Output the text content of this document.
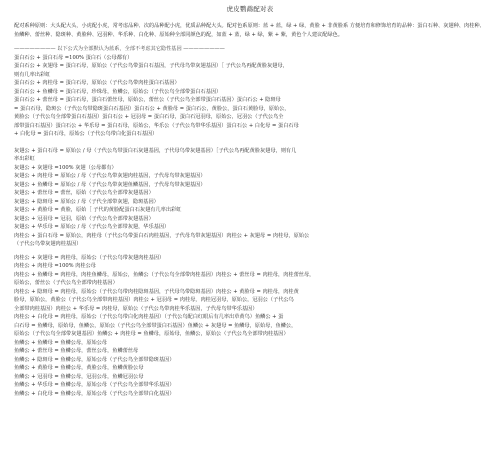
虎皮鹦鹉配对表
配对系种原则：大头配大头，小虎配小虎，常考虑品种、次的品种配小虎，优质品种配大头。配对色系原则：蓝 + 蓝，绿 + 绿，黄脸 + 非黄脸系 方便培育和修饰培育的品种：蛋白石种、灰翅种、肉桂种、鱼鳞种、蕾丝种、隐斑种、黄脸种、冠羽种、华乐种、白化种、原始种全部同颜色的配，如蓝 + 蓝，绿 + 绿，紫 + 紫，黄色个人建议配绿色。
———————— 以下公式为全部默认为蓝系，全部不考虑其它隐性基因 ————————
蛋白石公 + 蛋白石母 =100% 蛋白石（公母都有）
蛋白石公 + 灰翅母 = 蛋白石母，原始公（子代公鸟带蛋白石基因，子代母鸟带灰翅基因）［ 子代公鸟再配黄脸灰翅母，
则有几率出彩虹
蛋白石公 + 肉桂母 = 蛋白石母，原始公（子代公鸟带肉桂蛋白石基因）
蛋白石公 + 鱼鳞母 = 蛋白石母，珍珠母，鱼鳞公，原始公（子代公鸟全部带蛋白石基因）
蛋白石公 + 蕾丝母 = 蛋白石母，蛋白石蕾丝母，原始公，蕾丝公（子代公鸟全部带蛋白石基因）蛋白石公 + 隐斑母
= 蛋白石母，隐斑公（子代公鸟带隐斑蛋白石基因）蛋白石公 + 黄脸母 = 蛋白石公，黄脸公，蛋白石黄脸母，原始公，
黄脸公（子代公鸟全部带蛋白石基因）蛋白石公 + 冠羽母 = 蛋白石母，蛋白石冠羽母，原始公，冠羽公（子代公鸟全
部带蛋白石基因）蛋白石公 + 华乐母 = 蛋白石母，原始公，华乐公（子代公鸟带华乐基因）蛋白石公 + 白化母 = 蛋白石母
+ 白化母 = 蛋白石母，原始公（子代公鸟带白化蛋白石基因）
灰翅公 + 蛋白石母 = 原始公 / 母（子代公鸟带蛋白石灰翅基因，子代母鸟带灰翅基因）［子代公鸟再配黄脸灰翅母，则有几
率出彩虹
灰翅公 + 灰翅母 =100% 灰翅（公母都有）
灰翅公 + 肉桂母 = 原始公 / 母（子代公鸟带灰翅肉桂基因，子代母鸟带灰翅基因）
灰翅公 + 鱼鳞母 = 原始公 / 母（子代公鸟带灰翅鱼鳞基因，子代母鸟带灰翅基因）
灰翅公 + 蕾丝母 = 蕾丝，原始（子代公鸟全部带灰翅基因）
灰翅公 + 隐斑母 = 原始公 / 母（子代全部带灰翅，隐斑基因）
灰翅公 + 黄脸母 = 黄脸，原始［ 子代的黄脸配蛋白石灰翅有几率出彩虹
灰翅公 + 冠羽母 = 冠羽，原始（子代公鸟全部带灰翅基因）
灰翅公 + 华乐母 = 原始公 / 母（子代公鸟全部带灰翅，华乐基因）
肉桂公 + 蛋白石母 = 原始公，肉桂母（子代公鸟带蛋白石肉桂基因，子代母鸟带灰翅基因）肉桂公 + 灰翅母 = 肉桂母，原始公
（子代公鸟带灰翅肉桂基因）
肉桂公 + 灰翅母 = 肉桂母，原始公（子代公鸟带灰翅肉桂基因）
肉桂公 + 肉桂母 =100% 肉桂公母
肉桂公 + 鱼鳞母 = 肉桂母，肉桂鱼鳞母，原始公，鱼鳞公（子代公鸟全部带肉桂基因）肉桂公 + 蕾丝母 = 肉桂母，肉桂蕾丝母，
原始公，蕾丝公（子代公鸟全部带肉桂基因）
肉桂公 + 隐斑母 = 肉桂母，原始公（子代公鸟带肉桂隐斑基因，子代母鸟带隐斑基因）肉桂公 + 黄脸母 = 肉桂母，肉桂黄
脸母，原始公，黄脸公（子代公鸟全部带肉桂基因）肉桂公 + 冠羽母 = 肉桂母，肉桂冠羽母，原始公，冠羽公（子代公鸟
全部带肉桂基因）肉桂公 + 华乐母 = 肉桂母，原始公（子代公鸟带肉桂华乐基因，子代母鸟带华乐基因）
肉桂公 + 白化母 = 肉桂母，原始公（子代公鸟带白化肉桂基因）（子代公鸟配白红眼后有几率出草黄鸟）鱼鳞公 + 蛋
白石母 = 鱼鳞母，原始母，鱼鳞公，原始公（子代公鸟全部带蛋白石基因）鱼鳞公 + 灰翅母 = 鱼鳞母，原始母，鱼鳞公，
原始公（子代公鸟全部带灰翅基因）鱼鳞公 + 肉桂母 = 鱼鳞母，原始母，鱼鳞公，原始公（子代公鸟全部带肉桂基因）
鱼鳞公 + 鱼鳞母 = 鱼鳞公母，原始公母
鱼鳞公 + 蕾丝母 = 鱼鳞公母，蕾丝公母，鱼鳞蕾丝母
鱼鳞公 + 隐斑母 = 鱼鳞公母，原始公母（子代公鸟全部带隐斑基因）
鱼鳞公 + 黄脸母 = 鱼鳞公母，黄脸公母，鱼鳞黄脸公母
鱼鳞公 + 冠羽母 = 鱼鳞公母，冠羽公母，鱼鳞冠羽公母
鱼鳞公 + 华乐母 = 鱼鳞公母，原始公母（子代公鸟全部带华乐基因）
鱼鳞公 + 白化母 = 鱼鳞公母，原始公母（子代公鸟全部带白化基因）
